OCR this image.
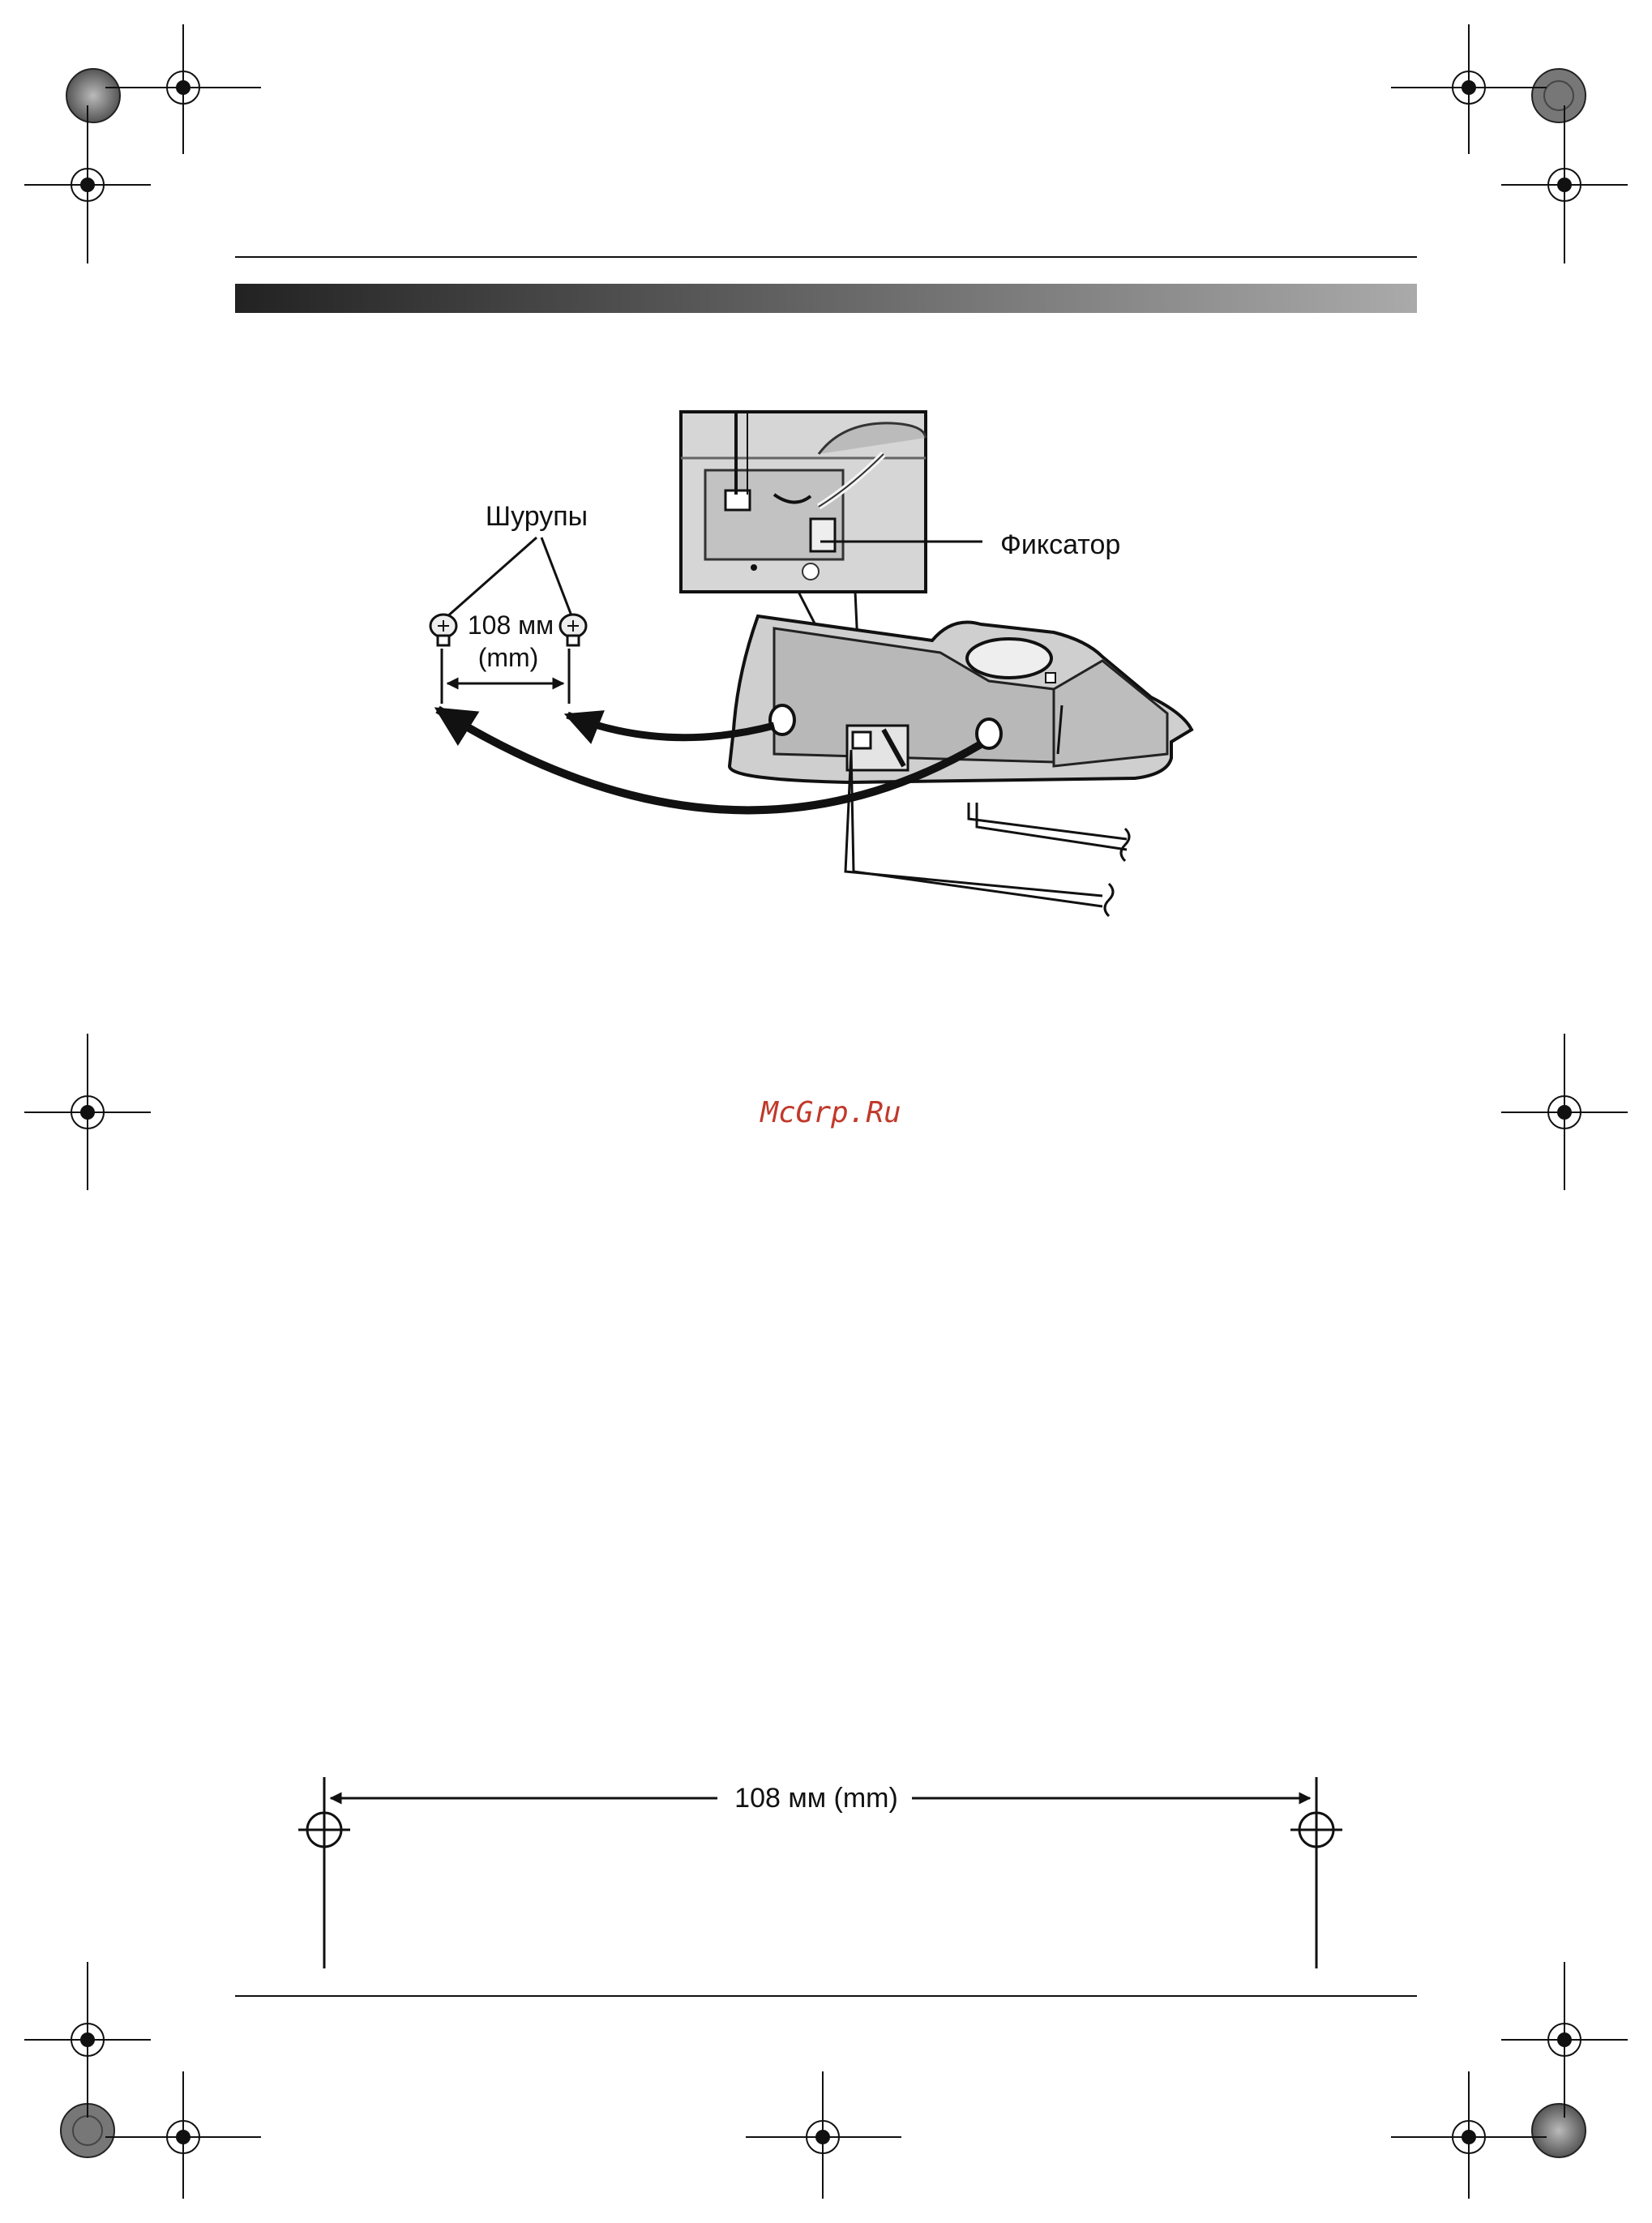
Шурупы
108 мм
(mm)
Фиксатор
McGrp.Ru
108 мм (mm)
